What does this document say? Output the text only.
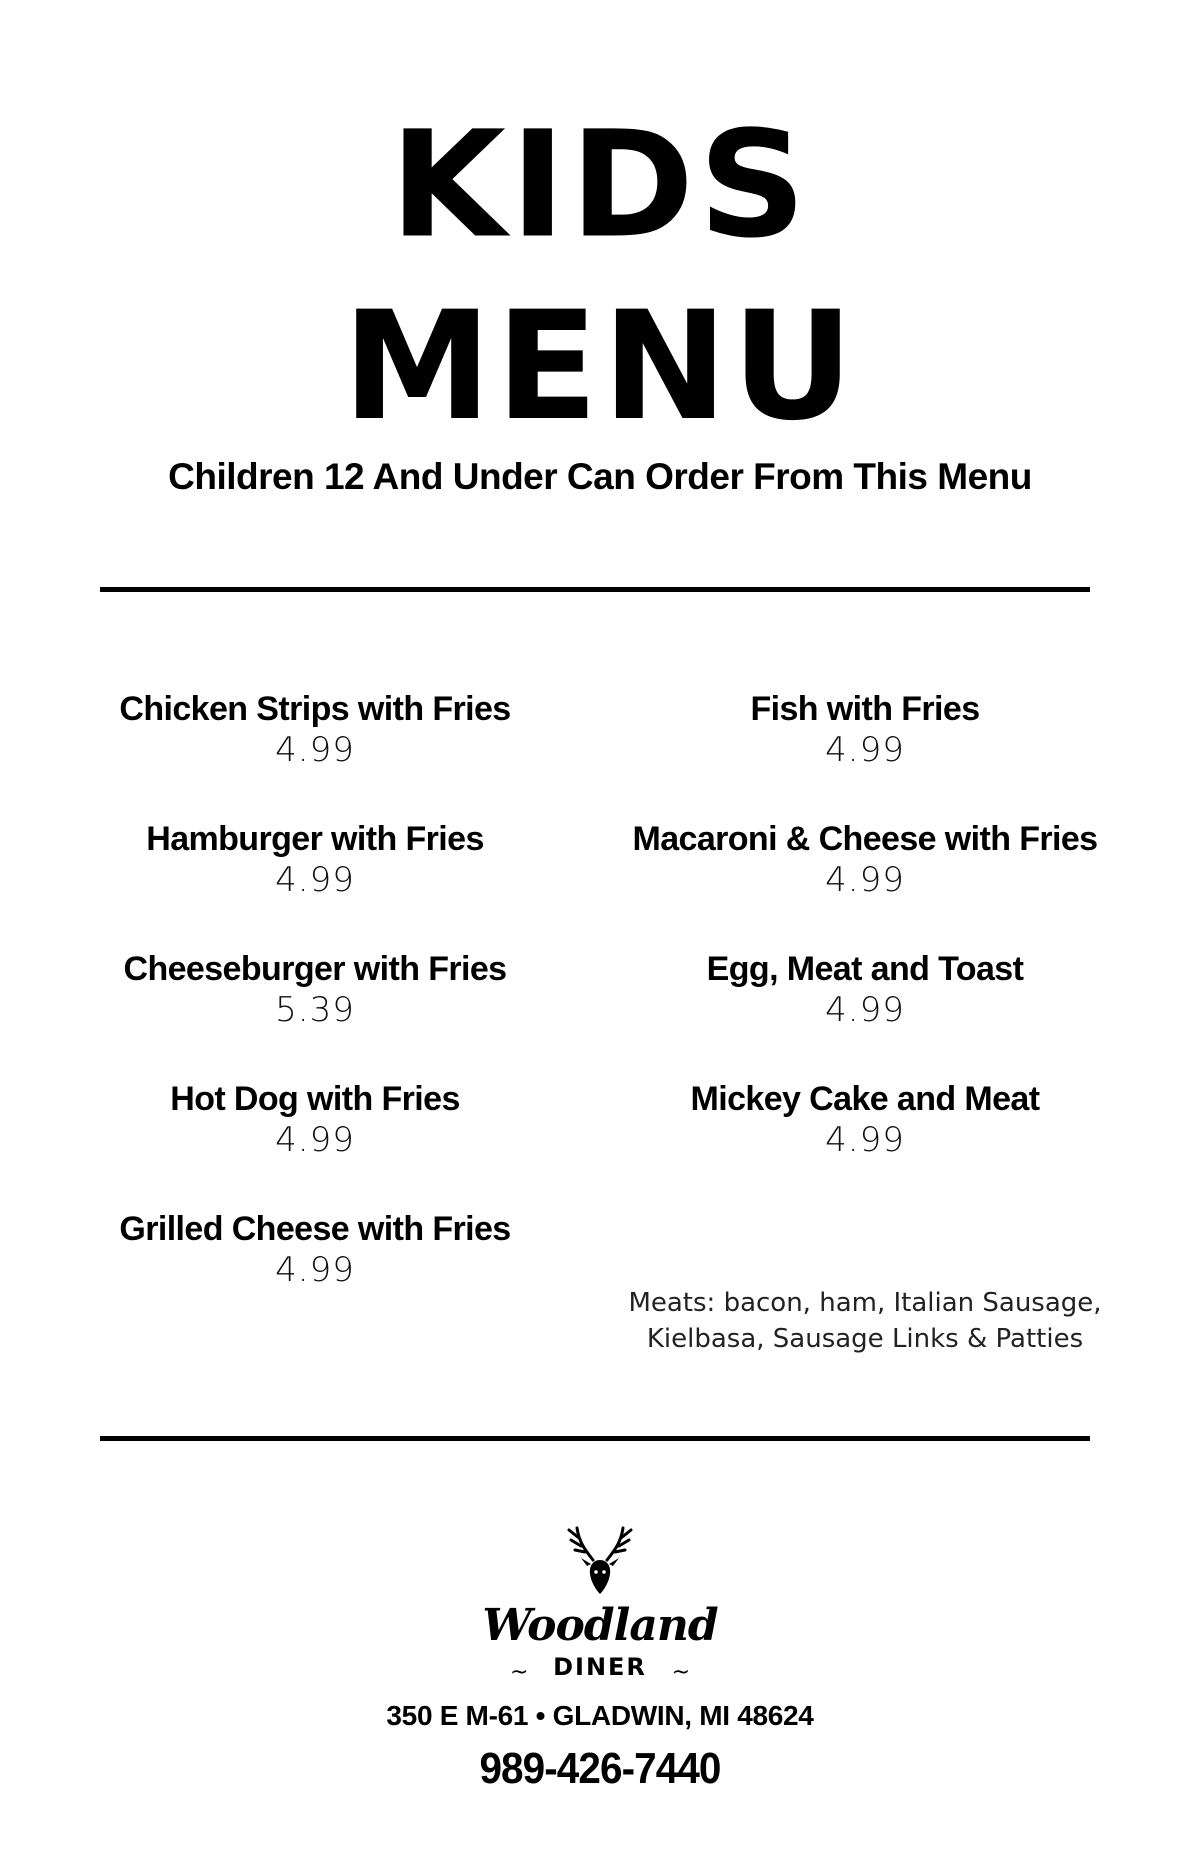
KIDS
MENU
Children 12 And Under Can Order From This Menu
Chicken Strips with Fries
4.99
Hamburger with Fries
4.99
Cheeseburger with Fries
5.39
Hot Dog with Fries
4.99
Grilled Cheese with Fries
4.99
Fish with Fries
4.99
Macaroni & Cheese with Fries
4.99
Egg, Meat and Toast
4.99
Mickey Cake and Meat
4.99
Meats: bacon, ham, Italian Sausage,
Kielbasa, Sausage Links & Patties
Woodland
~	DINER	~
350 E M-61 • GLADWIN, MI 48624
989-426-7440
